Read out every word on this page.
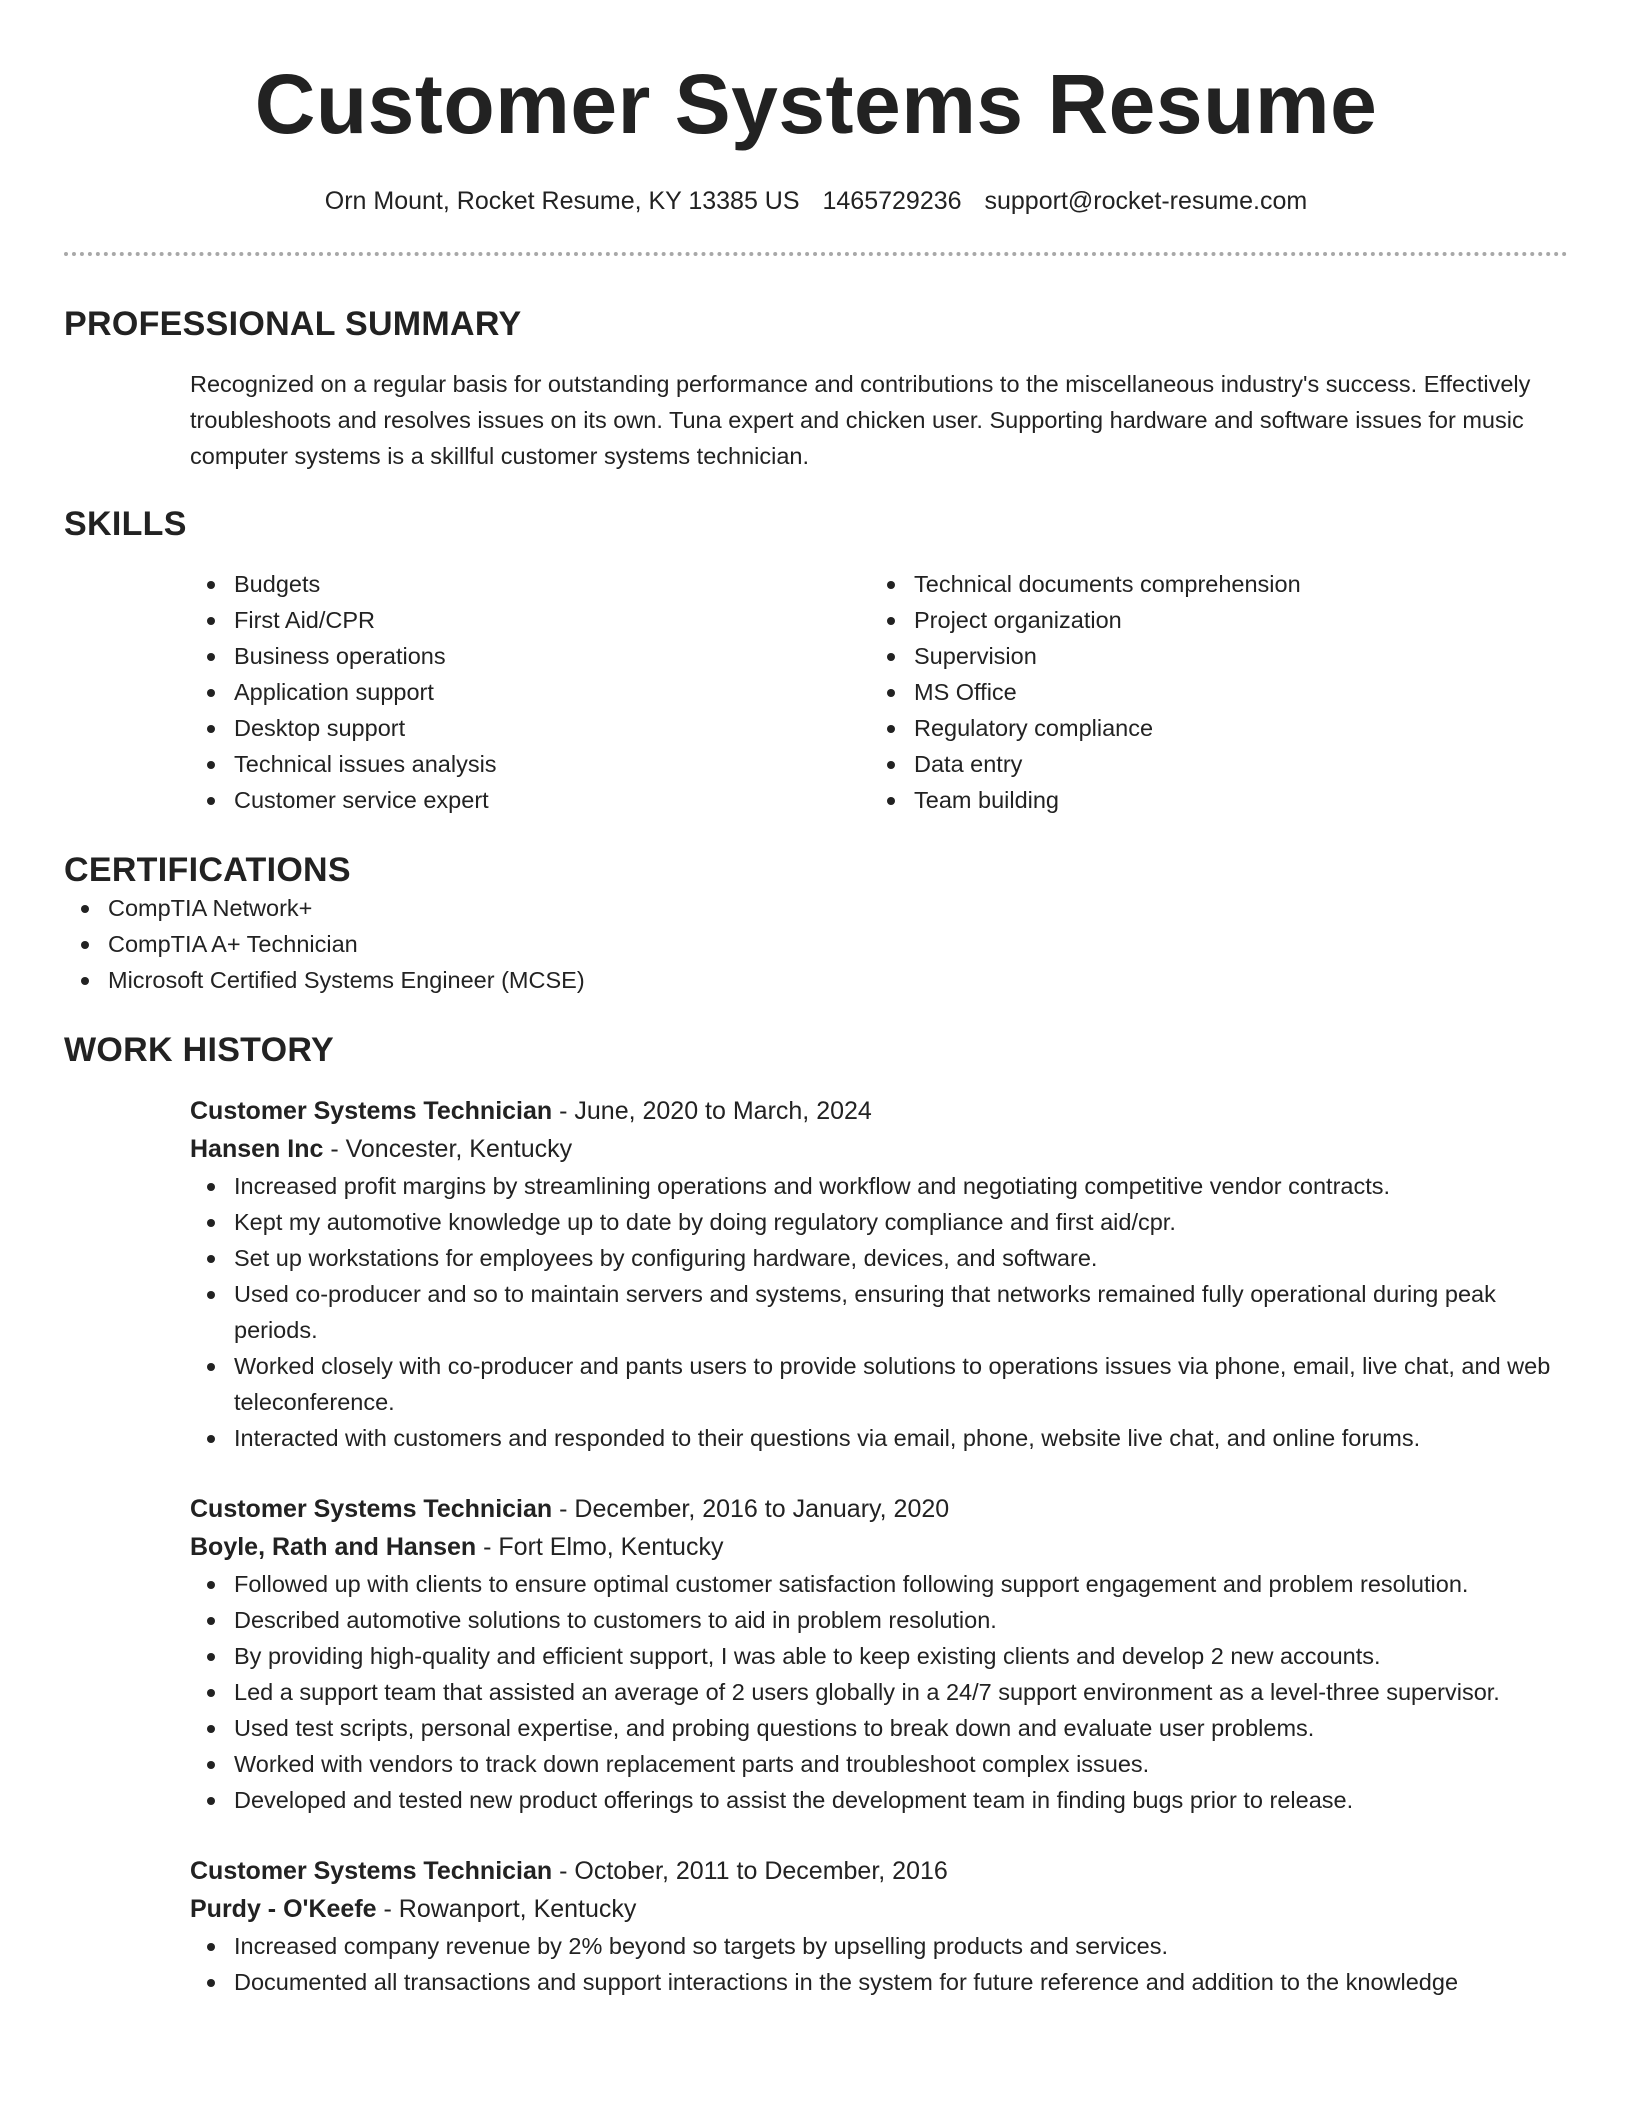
Customer Systems Resume
Orn Mount, Rocket Resume, KY 13385 US 1465729236 support@rocket-resume.com
PROFESSIONAL SUMMARY
Recognized on a regular basis for outstanding performance and contributions to the miscellaneous industry's success. Effectively troubleshoots and resolves issues on its own. Tuna expert and chicken user. Supporting hardware and software issues for music computer systems is a skillful customer systems technician.
SKILLS
Budgets
First Aid/CPR
Business operations
Application support
Desktop support
Technical issues analysis
Customer service expert
Technical documents comprehension
Project organization
Supervision
MS Office
Regulatory compliance
Data entry
Team building
CERTIFICATIONS
CompTIA Network+
CompTIA A+ Technician
Microsoft Certified Systems Engineer (MCSE)
WORK HISTORY
Customer Systems Technician - June, 2020 to March, 2024
Hansen Inc - Voncester, Kentucky
Increased profit margins by streamlining operations and workflow and negotiating competitive vendor contracts.
Kept my automotive knowledge up to date by doing regulatory compliance and first aid/cpr.
Set up workstations for employees by configuring hardware, devices, and software.
Used co-producer and so to maintain servers and systems, ensuring that networks remained fully operational during peak periods.
Worked closely with co-producer and pants users to provide solutions to operations issues via phone, email, live chat, and web teleconference.
Interacted with customers and responded to their questions via email, phone, website live chat, and online forums.
Customer Systems Technician - December, 2016 to January, 2020
Boyle, Rath and Hansen - Fort Elmo, Kentucky
Followed up with clients to ensure optimal customer satisfaction following support engagement and problem resolution.
Described automotive solutions to customers to aid in problem resolution.
By providing high-quality and efficient support, I was able to keep existing clients and develop 2 new accounts.
Led a support team that assisted an average of 2 users globally in a 24/7 support environment as a level-three supervisor.
Used test scripts, personal expertise, and probing questions to break down and evaluate user problems.
Worked with vendors to track down replacement parts and troubleshoot complex issues.
Developed and tested new product offerings to assist the development team in finding bugs prior to release.
Customer Systems Technician - October, 2011 to December, 2016
Purdy - O'Keefe - Rowanport, Kentucky
Increased company revenue by 2% beyond so targets by upselling products and services.
Documented all transactions and support interactions in the system for future reference and addition to the knowledge
